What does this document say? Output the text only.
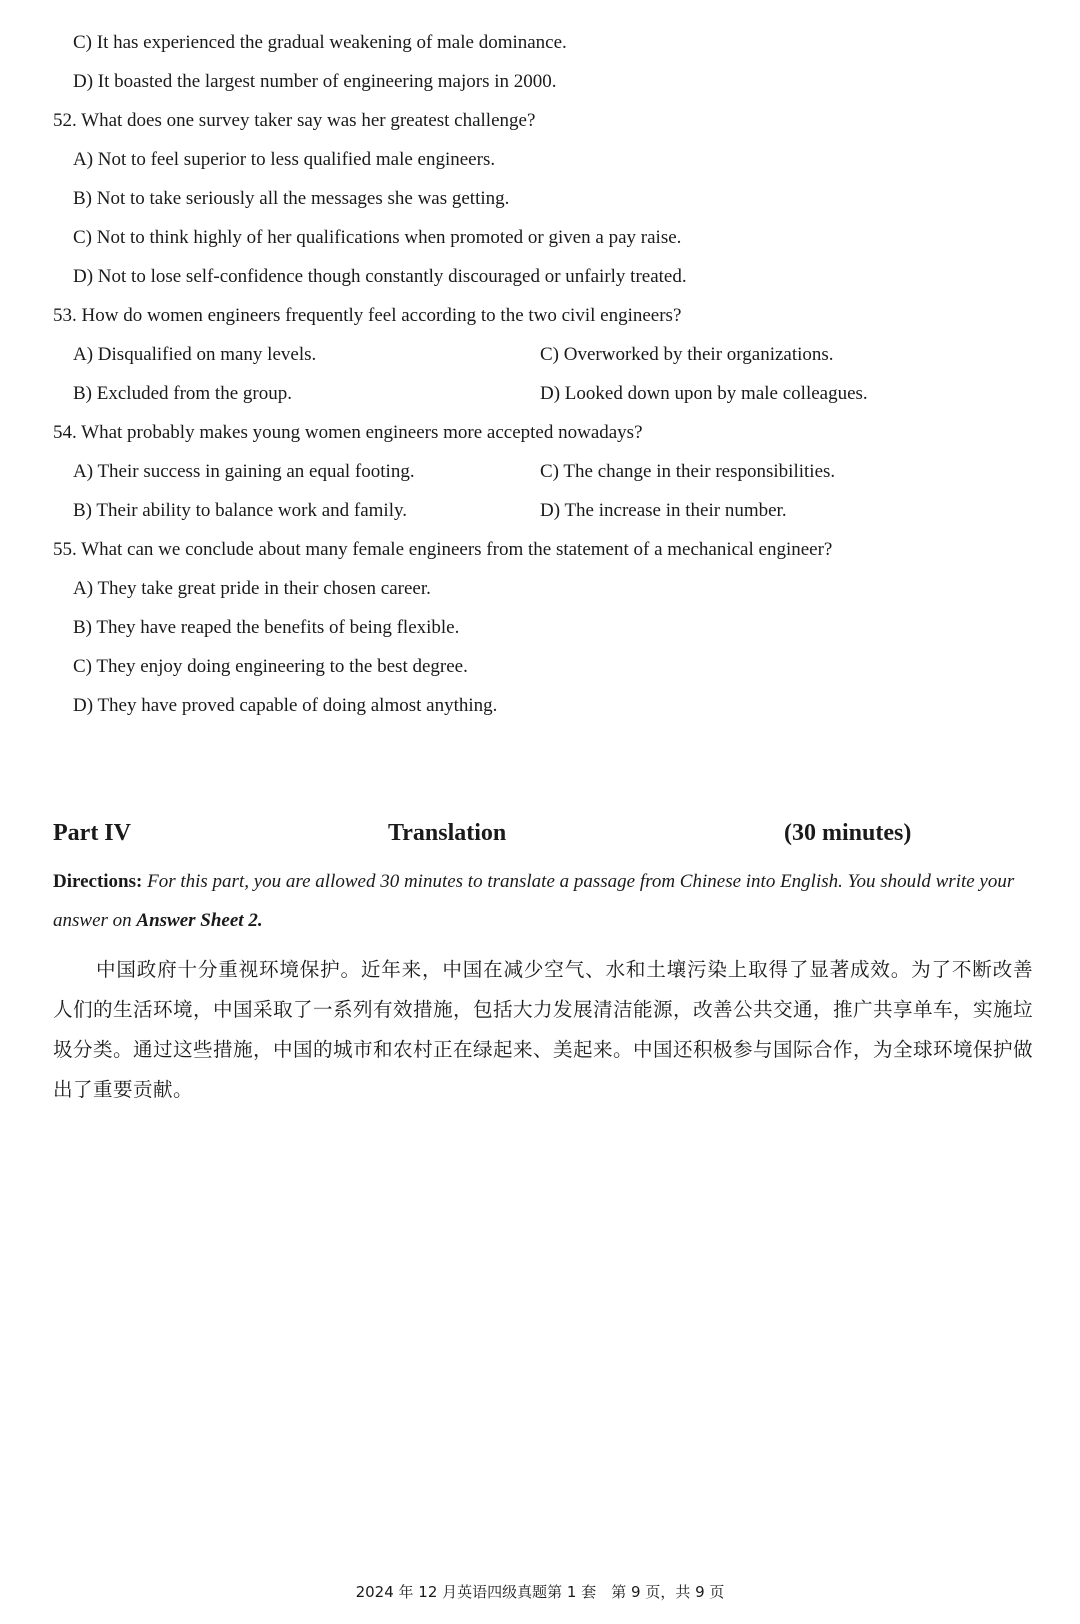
C) It has experienced the gradual weakening of male dominance.
D) It boasted the largest number of engineering majors in 2000.
52. What does one survey taker say was her greatest challenge?
A) Not to feel superior to less qualified male engineers.
B) Not to take seriously all the messages she was getting.
C) Not to think highly of her qualifications when promoted or given a pay raise.
D) Not to lose self-confidence though constantly discouraged or unfairly treated.
53. How do women engineers frequently feel according to the two civil engineers?
A) Disqualified on many levels.	C) Overworked by their organizations.
B) Excluded from the group.	D) Looked down upon by male colleagues.
54. What probably makes young women engineers more accepted nowadays?
A) Their success in gaining an equal footing.	C) The change in their responsibilities.
B) Their ability to balance work and family.	D) The increase in their number.
55. What can we conclude about many female engineers from the statement of a mechanical engineer?
A) They take great pride in their chosen career.
B) They have reaped the benefits of being flexible.
C) They enjoy doing engineering to the best degree.
D) They have proved capable of doing almost anything.
Part IV	Translation	(30 minutes)
Directions: For this part, you are allowed 30 minutes to translate a passage from Chinese into English. You should write your answer on Answer Sheet 2.
中国政府十分重视环境保护。近年来，中国在减少空气、水和土壤污染上取得了显著成效。为了不断改善人们的生活环境，中国采取了一系列有效措施，包括大力发展清洁能源，改善公共交通，推广共享单车，实施垃圾分类。通过这些措施，中国的城市和农村正在绿起来、美起来。中国还积极参与国际合作，为全球环境保护做出了重要贡献。
2024 年 12 月英语四级真题第 1 套　第 9 页，共 9 页
